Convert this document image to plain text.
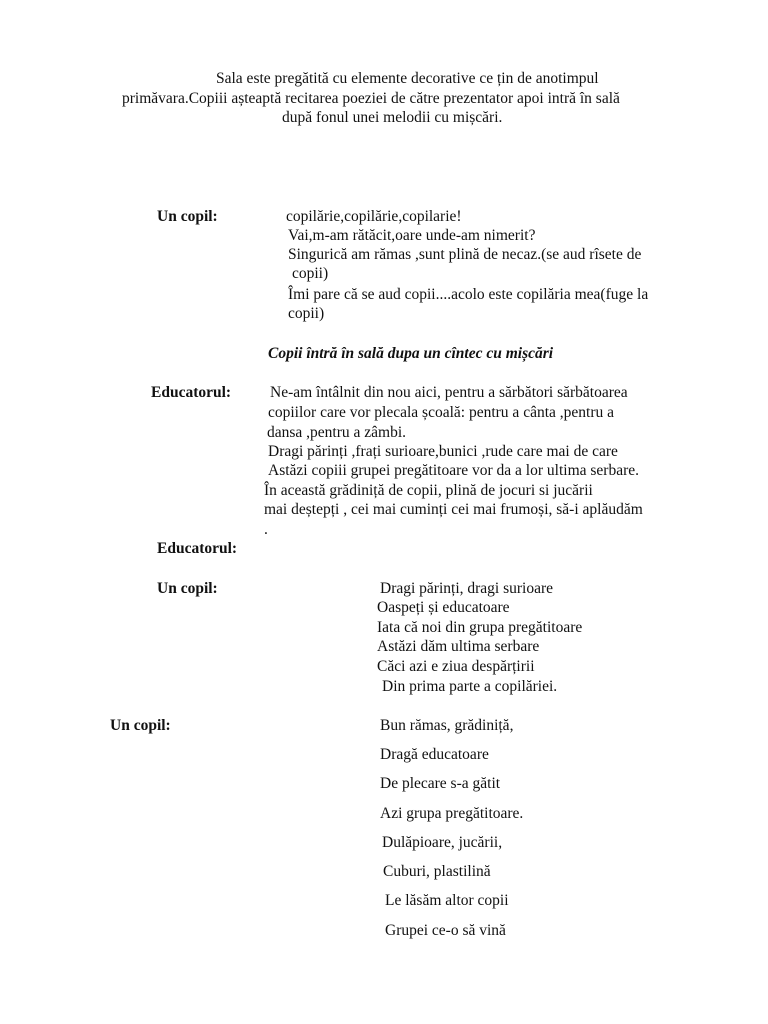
Sala este pregătită cu elemente decorative ce țin de anotimpul
primăvara.Copiii așteaptă recitarea poeziei de către prezentator apoi intră în sală
după fonul unei melodii cu mișcări.
Un copil:	copilărie,copilărie,copilarie!
Vai,m-am rătăcit,oare unde-am nimerit?
Singurică am rămas ,sunt plină de necaz.(se aud rîsete de
copii)
Îmi pare că se aud copii....acolo este copilăria mea(fuge la
copii)
Copii întră în sală dupa un cîntec cu mișcări
Educatorul:	Ne-am întâlnit din nou aici, pentru a sărbători sărbătoarea
copiilor care vor plecala școală: pentru a cânta ,pentru a
dansa ,pentru a zâmbi.
Dragi părinți ,frați surioare,bunici ,rude care mai de care
Astăzi copiii grupei pregătitoare vor da a lor ultima serbare.
În această grădiniță de copii, plină de jocuri si jucării
mai deștepți , cei mai cuminți cei mai frumoși, să-i aplăudăm
.
Educatorul:
Un copil:	Dragi părinți, dragi surioare
Oaspeți și educatoare
Iata că noi din grupa pregătitoare
Astăzi dăm ultima serbare
Căci azi e ziua despărțirii
Din prima parte a copilăriei.
Un copil:	Bun rămas, grădiniță,
Dragă educatoare
De plecare s-a gătit
Azi grupa pregătitoare.
Dulăpioare, jucării,
Cuburi, plastilină
Le lăsăm altor copii
Grupei ce-o să vină
